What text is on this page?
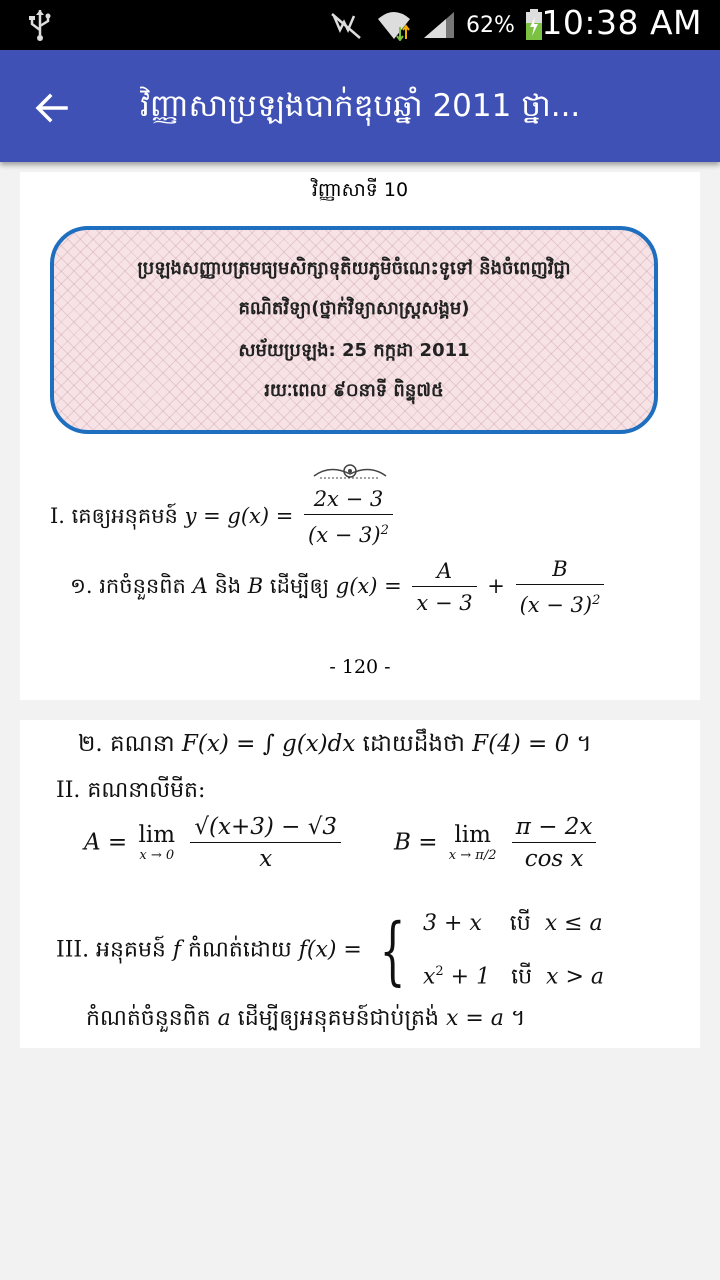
62% 10:38 AM
វិញ្ញាសាប្រឡងបាក់ឌុបឆ្នាំ 2011 ថ្នា...
វិញ្ញាសាទី 10
ប្រឡងសញ្ញាបត្រមធ្យមសិក្សាទុតិយភូមិចំណេះទូទៅ និងចំពេញវិជ្ជា
គណិតវិទ្យា(ថ្នាក់វិទ្យាសាស្ត្រសង្គម)
សម័យប្រឡង: 25 កក្កដា 2011
រយៈពេល ៩០នាទី ពិន្ទុ៧៥
I. គេឲ្យអនុគមន៍ $y = g(x) = \frac{2x - 3}{(x - 3)^2}$
១. រកចំនួនពិត A និង B ដើម្បីឲ្យ $g(x) = \frac{A}{x - 3} + \frac{B}{(x - 3)^2}$
- 120 -
២. គណនា F(x) = ∫ g(x)dx ដោយដឹងថា F(4) = 0 ។
II. គណនាលីមីត:
A = lim
x → 0
$\frac{√(x+3) - √3}{x}$ B = lim
x → π/2
$\frac{\pi - 2x}{\text{cos x}}$
III. អនុគមន៍ f កំណត់ដោយ f(x) = { 3 + x បើ x ≤ a
$x^2 + 1$ បើ x > a
កំណត់ចំនួនពិត a ដើម្បីឲ្យអនុគមន៍ជាប់ត្រង់ x = a ។
